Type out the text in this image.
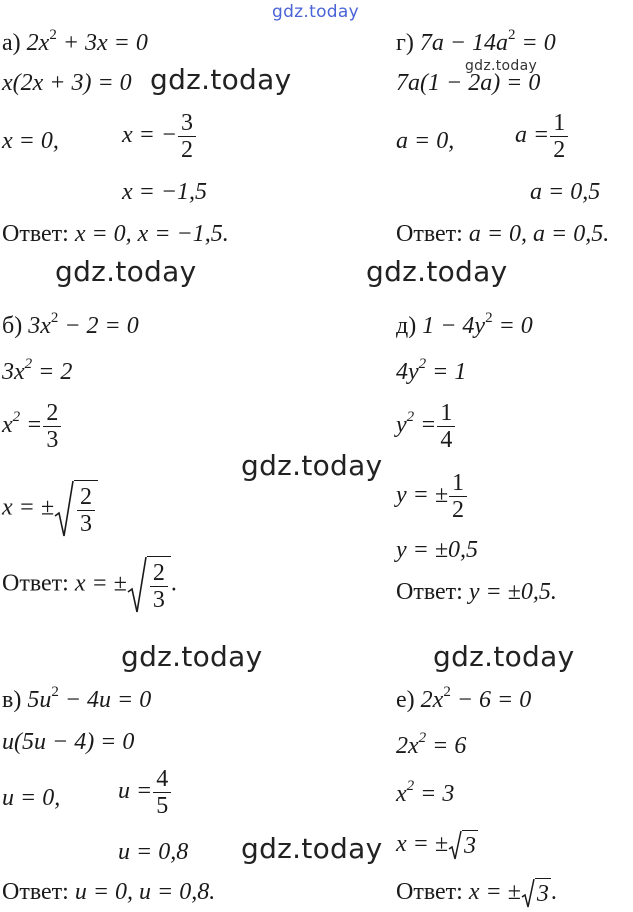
gdz.today
gdz.today
gdz.today
gdz.today	gdz.today
gdz.today
gdz.today	gdz.today
gdz.today
а) $2x^2 + 3x = 0$
x(2x + 3) = 0
x = 0,	x = − $\frac{3}{2}$
x = −1,5
Ответ: x = 0, x = −1,5.
г) $7a - 14a^2 = 0$
7a(1 − 2a) = 0
a = 0,	$a = \frac{1}{2}$
a = 0,5
Ответ: a = 0, a = 0,5.
б) $3x^2 - 2 = 0$
$3x^2 = 2$
$x^2 = \frac{2}{3}$
x = ± $\frac{2}{3}$
Ответ: x = ± $\frac{2}{3}$ .
д) $1 - 4y^2 = 0$
$4y^2 = 1$
$y^2 = \frac{1}{4}$
y = ± $\frac{1}{2}$
y = ±0,5
Ответ: y = ±0,5.
в) $5u^2 - 4u = 0$
u(5u − 4) = 0
u = 0, $u = \frac{4}{5}$
u = 0,8
Ответ: u = 0, u = 0,8.
е) $2x^2 - 6 = 0$
$2x^2 = 6$
$x^2 = 3$
x = ± 3
Ответ: x = ± 3 .
